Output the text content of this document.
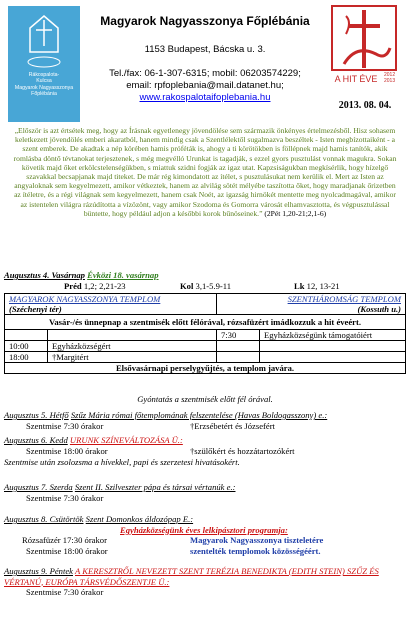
Rákospalota-
Kulcsa
Magyarok Nagyasszonya
Főplébánia
Magyarok Nagyasszonya Főplébánia
1153 Budapest, Bácska u. 3.
Tel./fax: 06-1-307-6315; mobil: 06203574229;
email: rpfoplebania@mail.datanet.hu;
www.rakospalotaifoplebania.hu
A HIT ÉVE	2012
2013
2013. 08. 04.
„Először is azt értsétek meg, hogy az Írásnak egyetlenegy jövendölése sem származik önkényes értelmezésből. Hisz sohasem keletkezett jövendölés emberi akaratból, hanem mindig csak a Szentlélektől sugalmazva beszéltek - Isten megbízottaiként - a szent emberek. De akadtak a nép körében hamis próféták is, ahogy a ti körötökben is föllépnek majd hamis tanítók, akik romlásba döntő tévtanokat terjesztenek, s még megvélló Urunkat is tagadják, s ezzel gyors pusztulást vonnak magukra. Sokan követik majd őket erkölcstelenségükben, s miattuk szidni fogják az igaz utat. Kapzsiságukban megkísérlik, hogy hízelgő szavakkal becsapjanak majd titeket. De már rég kimondatott az ítélet, s pusztulásukat nem kerülik el. Mert az Isten az angyaloknak sem kegyelmezett, amikor vétkeztek, hanem az alvilág sötét mélyébe taszította őket, hogy maradjanak őrizetben az ítéletre, és a régi világnak sem kegyelmezett, hanem csak Noét, az igazság hirnökét mentette meg nyolcadmagával, amikor az istentelen világra rázúdította a vízözönt, vagy amikor Szodoma és Gomorra városát elhamvasztotta, és végpusztulással büntette, hogy például adjon a későbbi korok bűnöseinek.” (2Pét 1,20-21;2,1-6)
Augusztus 4. Vasárnap Évközi 18. vasárnap
Préd 1,2; 2,21-23	Kol 3,1-5.9-11	Lk 12, 13-21
MAGYAROK NAGYASSZONYA TEMPLOM		SZENTHÁROMSÁG TEMPLOM	
(Széchenyi tér)		(Kossuth u.)	
Vasár-/és ünnepnap a szentmisék előtt félórával, rózsafüzért imádkozzuk a hit éveért.			
		7:30	Egyházközségünk támogatóiért
10:00	Egyházközségért		
18:00	†Margitért		
Elsővasárnapi perselygyűjtés, a templom javára.			
Gyóntatás a szentmisék előtt fél órával.
Augusztus 5. Hétfő Szűz Mária római főtemplomának felszentelése (Havas Boldogasszony) e.:
Szentmise 7:30 órakor	†Erzsébetért és Józsefért
Augusztus 6. Kedd URUNK SZÍNEVÁLTOZÁSA Ü.:
Szentmise 18:00 órakor	†szülőkért és hozzátartozókért
Szentmise után zsolozsma a hívekkel, papi és szerzetesi hivatásokért.
Augusztus 7. Szerda Szent II. Szilveszter pápa és társai vértanúk e.:
Szentmise 7:30 órakor
Augusztus 8. Csütörtök Szent Domonkos áldozópap E.:
Egyházközségünk éves lelkipásztori programja:
Rózsafüzér 17:30 órakor	Magyarok Nagyasszonya tiszteletére
Szentmise 18:00 órakor	szentelték templomok közösségéért.
Augusztus 9. Péntek A KERESZTRŐL NEVEZETT SZENT TERÉZIA BENEDIKTA (EDITH STEIN) SZŰZ ÉS VÉRTANÚ, EURÓPA TÁRSVÉDŐSZENTJE Ü.:
Szentmise 7:30 órakor
